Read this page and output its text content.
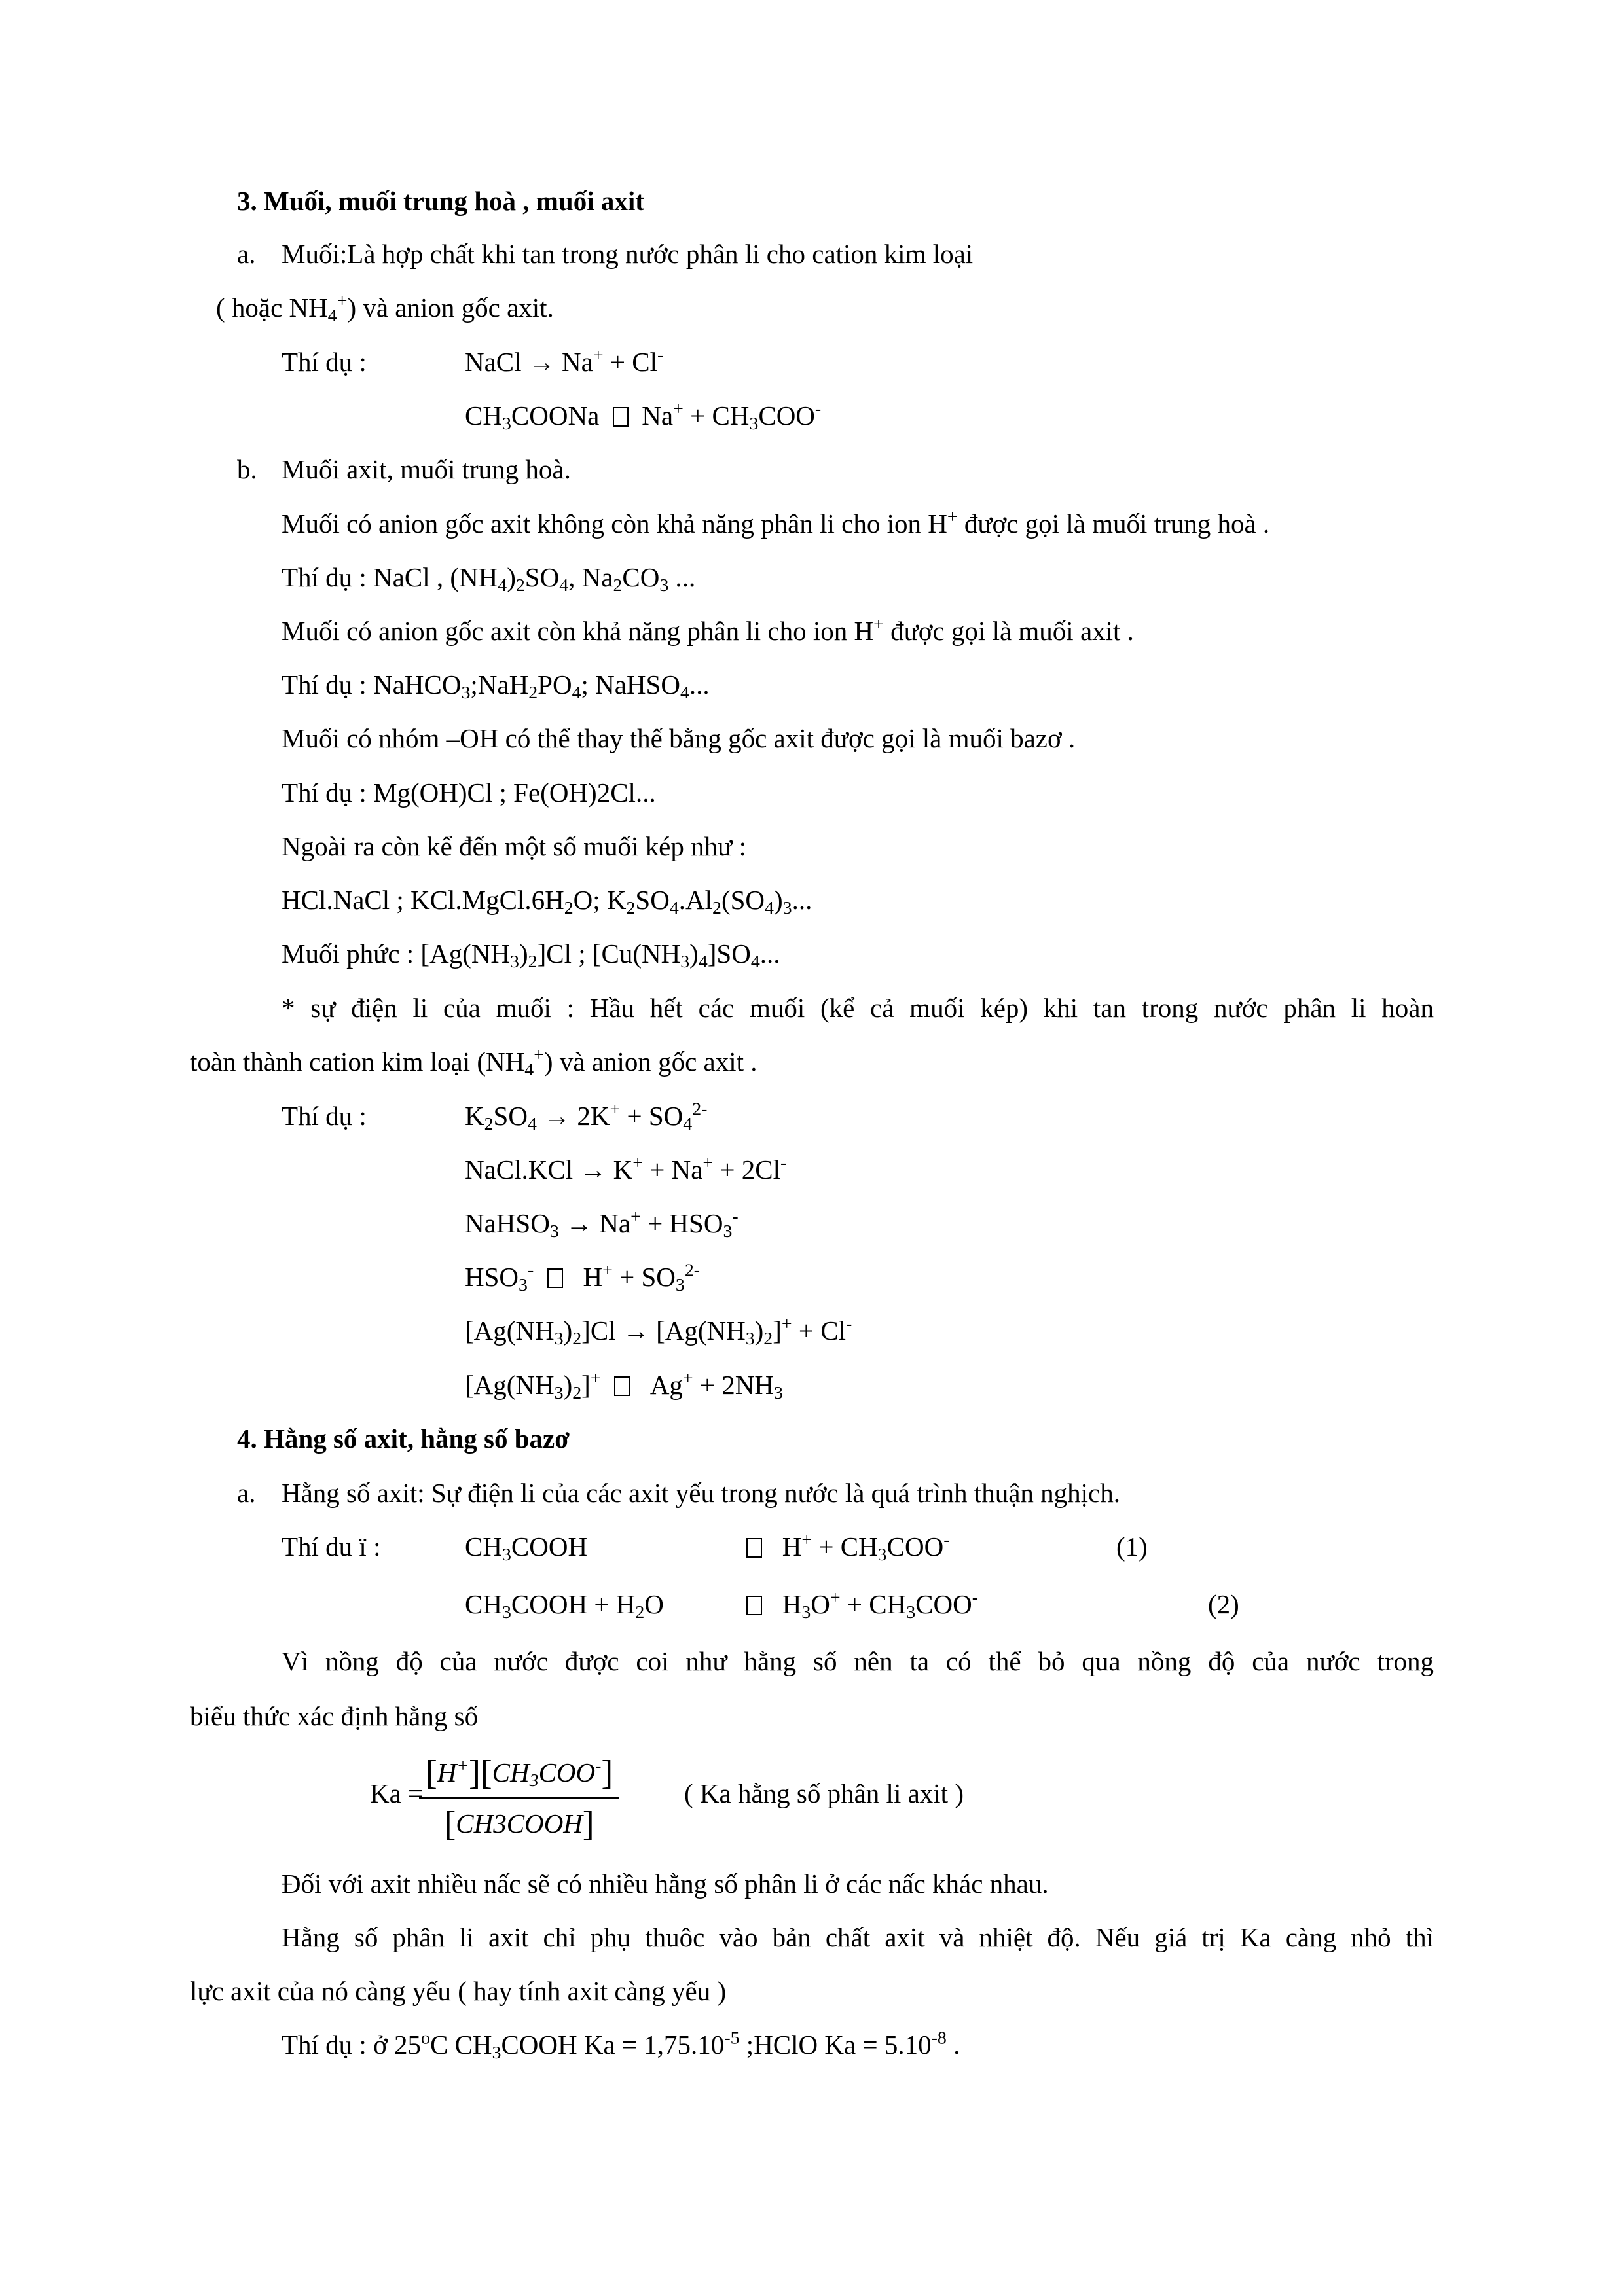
3. Muối, muối trung hoà , muối axit
a. Muối:Là hợp chất khi tan trong nước phân li cho cation kim loại
( hoặc $NH_4^+$) và anion gốc axit.
Thí dụ :	NaCl → Na+ + Cl-
$CH_3COONa$ $Na^+ + CH_3COO^-$
b. Muối axit, muối trung hoà.
Muối có anion gốc axit không còn khả năng phân li cho ion H+ được gọi là muối trung hoà .
Thí dụ : NaCl , $(NH_4)_2SO_4$, $Na_2CO_3$ ...
Muối có anion gốc axit còn khả năng phân li cho ion H+ được gọi là muối axit .
Thí dụ : $NaHCO_3;NaH_2PO_4$; NaHSO$_4$...
Muối có nhóm –OH có thể thay thế bằng gốc axit được gọi là muối bazơ .
Thí dụ : Mg(OH)Cl ; Fe(OH)2Cl...
Ngoài ra còn kể đến một số muối kép như :
HCl.NaCl ; $KCl.MgCl.6H_2O$; $K_2SO_4.Al_2(SO_4)_3$...
Muối phức : $[Ag(NH_3)_2]Cl$ ; $[Cu(NH_3)_4]SO_4$...
* sự điện li của muối : Hầu hết các muối (kể cả muối kép) khi tan trong nước phân li hoàn
toàn thành cation kim loại $(NH_4^+)$ và anion gốc axit .
Thí dụ :	$K_2SO_4 \to 2K^+ + SO_4^{2-}$
NaCl.KCl → K+ + Na+ + 2Cl-
NaHSO$_3$ → $Na^+ + HSO_3^-$
$HSO_3^-$ $H^+ + SO_3^{2-}$
$[Ag(NH_3)_2]Cl \to [Ag(NH_3)_2]^+ + Cl^-$
$[Ag(NH_3)_2]^+$ $Ag^+ + 2NH_3$
4. Hằng số axit, hằng số bazơ
a. Hằng số axit: Sự điện li của các axit yếu trong nước là quá trình thuận nghịch.
Thí du ï :	$CH_3COOH$	$H^+ + CH_3COO^-$	(1)
$CH_3COOH + H_2O$	$H_3O^+ + CH_3COO^-$	(2)
Vì nồng độ của nước được coi như hằng số nên ta có thể bỏ qua nồng độ của nước trong
biểu thức xác định hằng số
Ka =
$[H^+][CH_3COO^-]$
[CH3COOH]
( Ka hằng số phân li axit )
Đối với axit nhiều nấc sẽ có nhiều hằng số phân li ở các nấc khác nhau.
Hằng số phân li axit chỉ phụ thuôc vào bản chất axit và nhiệt độ. Nếu giá trị Ka càng nhỏ thì
lực axit của nó càng yếu ( hay tính axit càng yếu )
Thí dụ : ở 25$^o$C $CH_3COOH$ $Ka = 1,75.10^{-5}$ ;HClO $Ka = 5.10^{-8}$ .
